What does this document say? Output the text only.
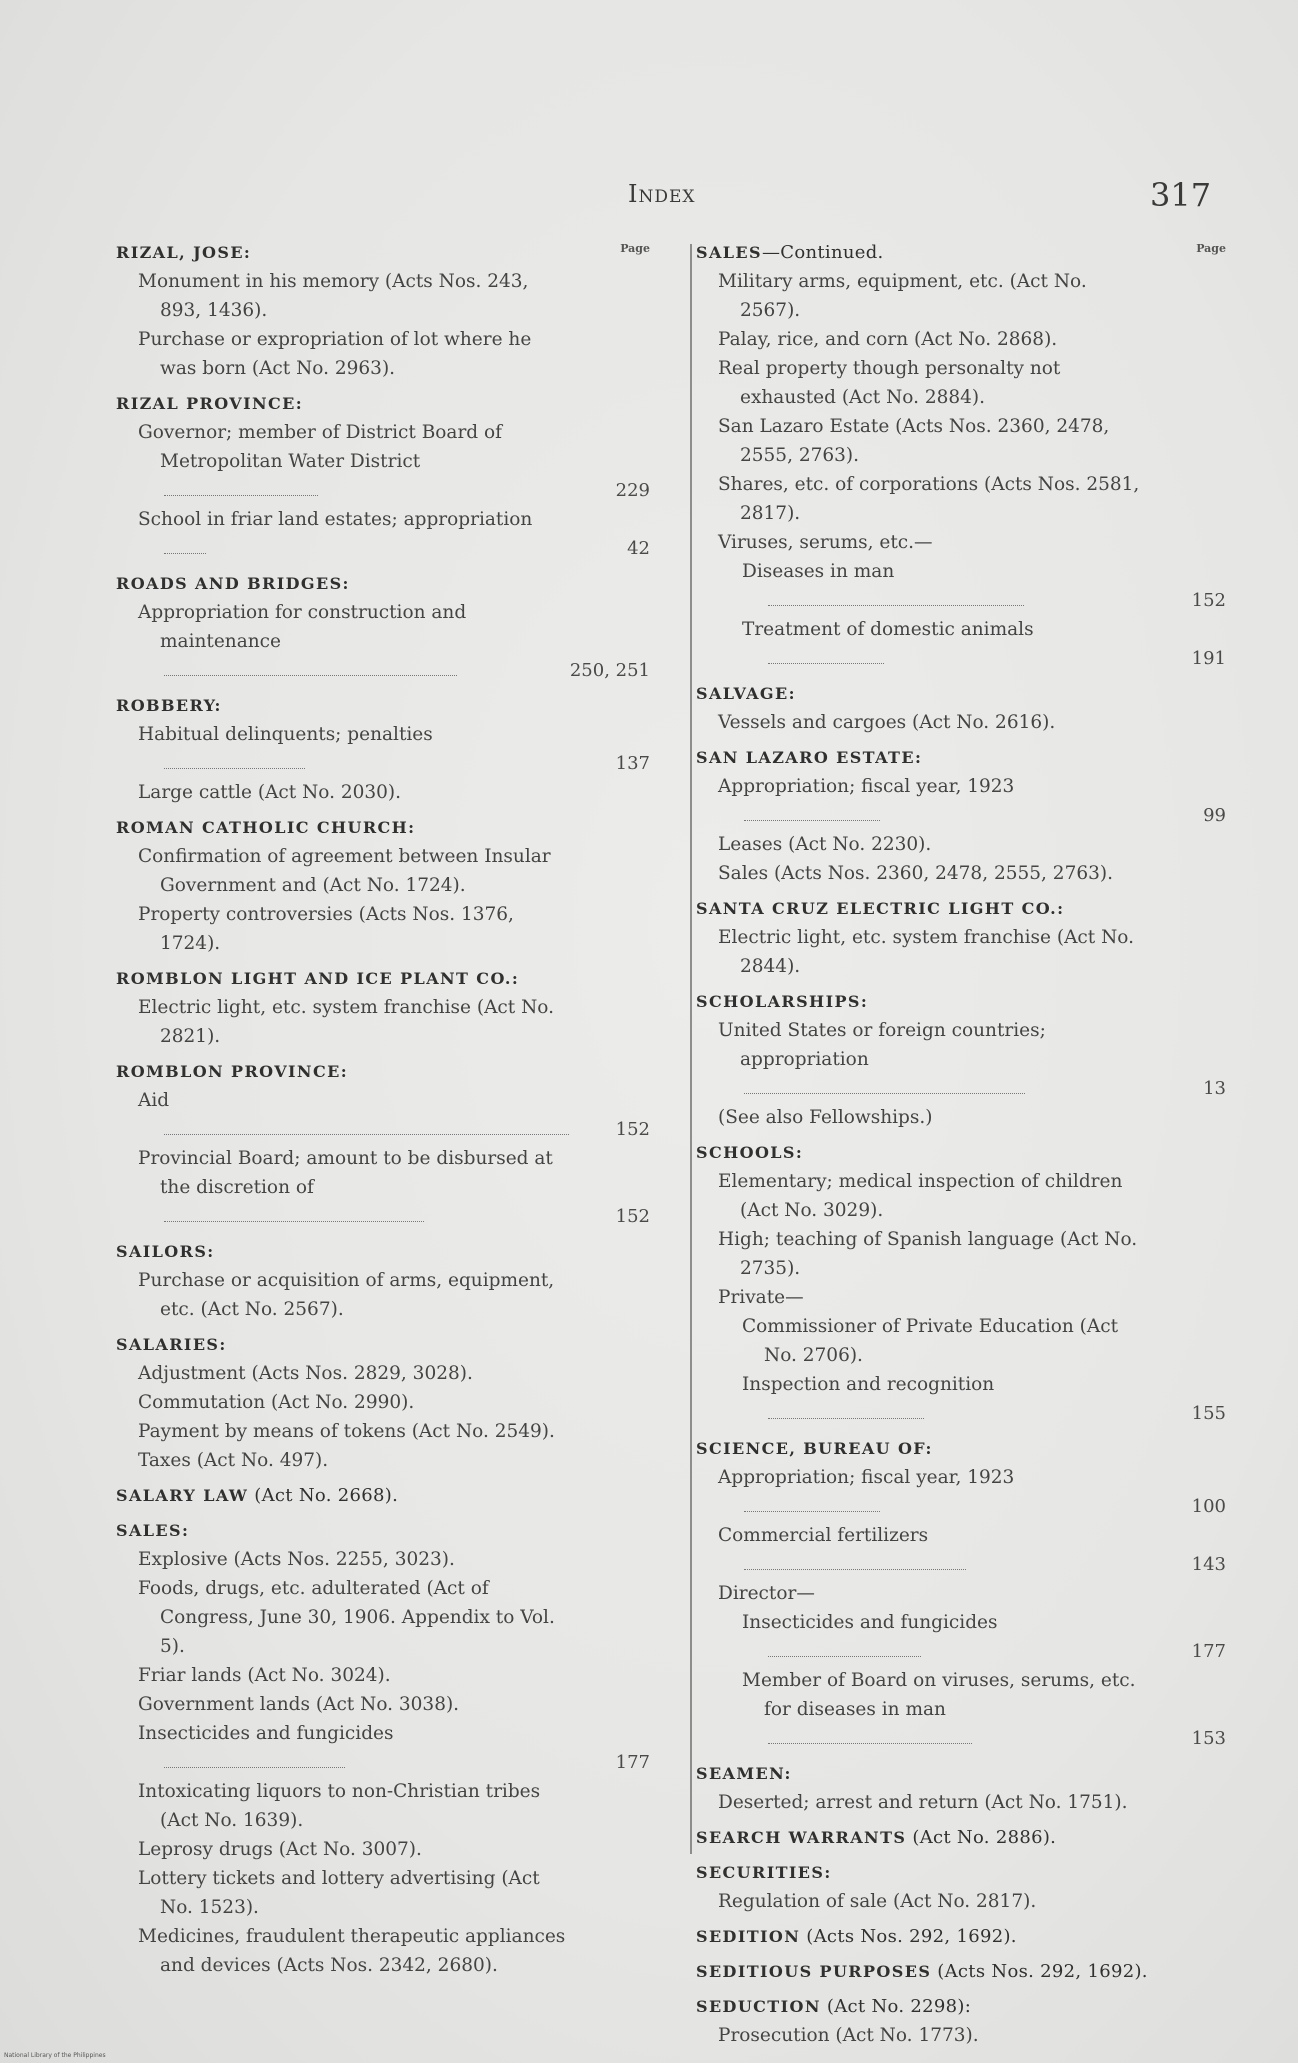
Index	317
Page
RIZAL, JOSE:
Monument in his memory (Acts Nos. 243, 893, 1436).
Purchase or expropriation of lot where he was born (Act No. 2963).
RIZAL PROVINCE:
Governor; member of District Board of Metropolitan Water District
229
School in friar land estates; appropriation
42
ROADS AND BRIDGES:
Appropriation for construction and maintenance
250, 251
ROBBERY:
Habitual delinquents; penalties
137
Large cattle (Act No. 2030).
ROMAN CATHOLIC CHURCH:
Confirmation of agreement between Insular Government and (Act No. 1724).
Property controversies (Acts Nos. 1376, 1724).
ROMBLON LIGHT AND ICE PLANT CO.:
Electric light, etc. system franchise (Act No. 2821).
ROMBLON PROVINCE:
Aid
152
Provincial Board; amount to be disbursed at the discretion of
152
SAILORS:
Purchase or acquisition of arms, equipment, etc. (Act No. 2567).
SALARIES:
Adjustment (Acts Nos. 2829, 3028).
Commutation (Act No. 2990).
Payment by means of tokens (Act No. 2549).
Taxes (Act No. 497).
SALARY LAW (Act No. 2668).
SALES:
Explosive (Acts Nos. 2255, 3023).
Foods, drugs, etc. adulterated (Act of Congress, June 30, 1906. Appendix to Vol. 5).
Friar lands (Act No. 3024).
Government lands (Act No. 3038).
Insecticides and fungicides
177
Intoxicating liquors to non-Christian tribes (Act No. 1639).
Leprosy drugs (Act No. 3007).
Lottery tickets and lottery advertising (Act No. 1523).
Medicines, fraudulent therapeutic appliances and devices (Acts Nos. 2342, 2680).
Page
SALES—Continued.
Military arms, equipment, etc. (Act No. 2567).
Palay, rice, and corn (Act No. 2868).
Real property though personalty not exhausted (Act No. 2884).
San Lazaro Estate (Acts Nos. 2360, 2478, 2555, 2763).
Shares, etc. of corporations (Acts Nos. 2581, 2817).
Viruses, serums, etc.—
Diseases in man
152
Treatment of domestic animals
191
SALVAGE:
Vessels and cargoes (Act No. 2616).
SAN LAZARO ESTATE:
Appropriation; fiscal year, 1923
99
Leases (Act No. 2230).
Sales (Acts Nos. 2360, 2478, 2555, 2763).
SANTA CRUZ ELECTRIC LIGHT CO.:
Electric light, etc. system franchise (Act No. 2844).
SCHOLARSHIPS:
United States or foreign countries; appropriation
13
(See also Fellowships.)
SCHOOLS:
Elementary; medical inspection of children (Act No. 3029).
High; teaching of Spanish language (Act No. 2735).
Private—
Commissioner of Private Education (Act No. 2706).
Inspection and recognition
155
SCIENCE, BUREAU OF:
Appropriation; fiscal year, 1923
100
Commercial fertilizers
143
Director—
Insecticides and fungicides
177
Member of Board on viruses, serums, etc. for diseases in man
153
SEAMEN:
Deserted; arrest and return (Act No. 1751).
SEARCH WARRANTS (Act No. 2886).
SECURITIES:
Regulation of sale (Act No. 2817).
SEDITION (Acts Nos. 292, 1692).
SEDITIOUS PURPOSES (Acts Nos. 292, 1692).
SEDUCTION (Act No. 2298):
Prosecution (Act No. 1773).
National Library of the Philippines
